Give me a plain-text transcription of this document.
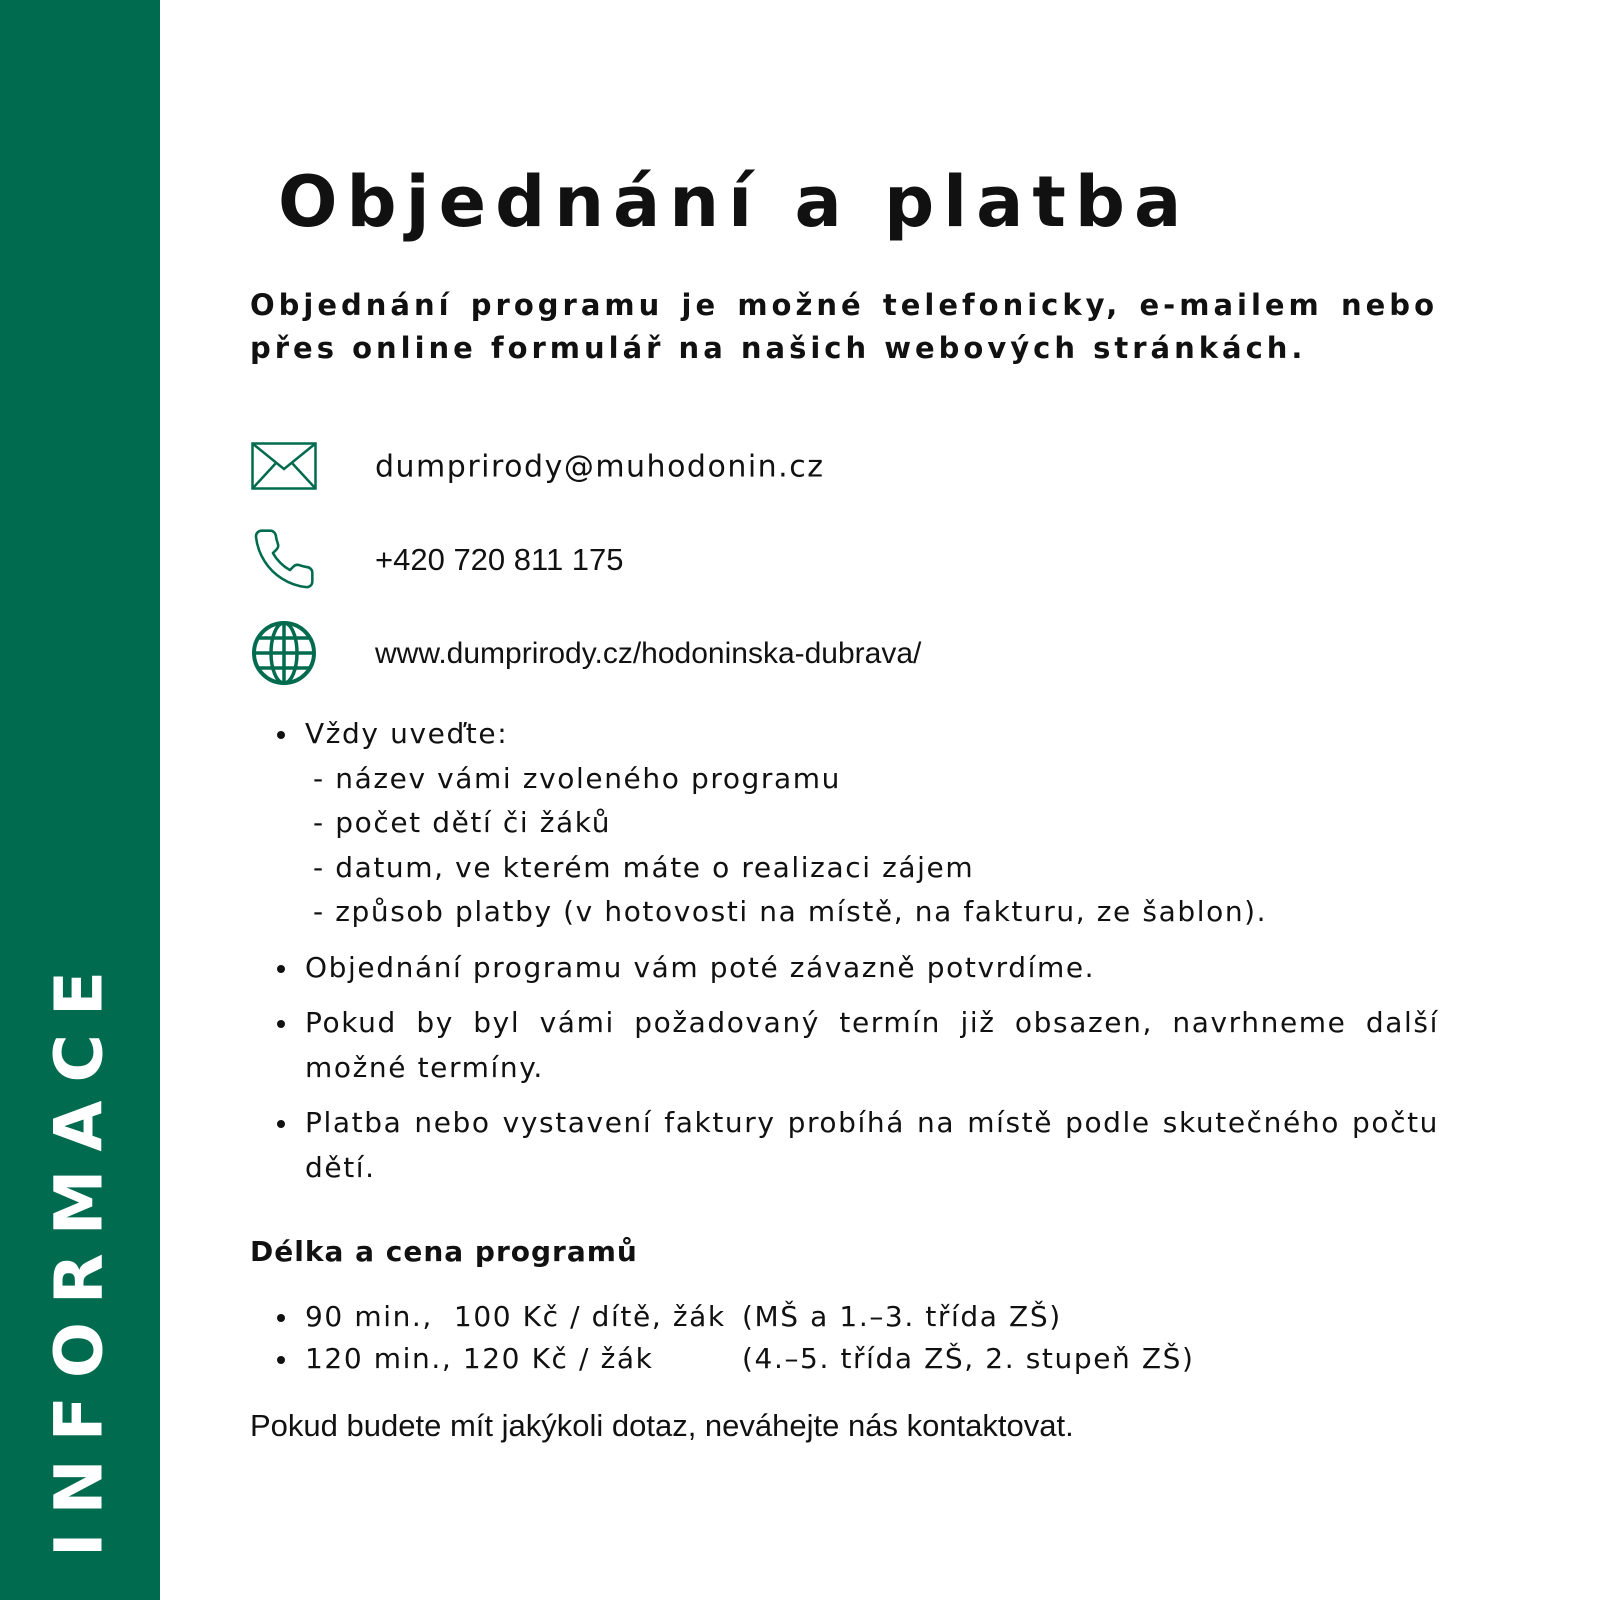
INFORMACE
Objednání a platba

Objednání programu je možné telefonicky, e-mailem nebo přes online formulář na našich webových stránkách.

dumprirody@muhodonin.cz
+420 720 811 175
www.dumprirody.cz/hodoninska-dubrava/
Vždy uveďte:
- název vámi zvoleného programu
- počet dětí či žáků
- datum, ve kterém máte o realizaci zájem
- způsob platby (v hotovosti na místě, na fakturu, ze šablon).
Objednání programu vám poté závazně potvrdíme.
Pokud by byl vámi požadovaný termín již obsazen, navrhneme další možné termíny.
Platba nebo vystavení faktury probíhá na místě podle skutečného počtu dětí.
Délka a cena programů
90 min.,  100 Kč / dítě, žák (MŠ a 1.–3. třída ZŠ)
120 min., 120 Kč / žák	(4.–5. třída ZŠ, 2. stupeň ZŠ)

Pokud budete mít jakýkoli dotaz, neváhejte nás kontaktovat.
